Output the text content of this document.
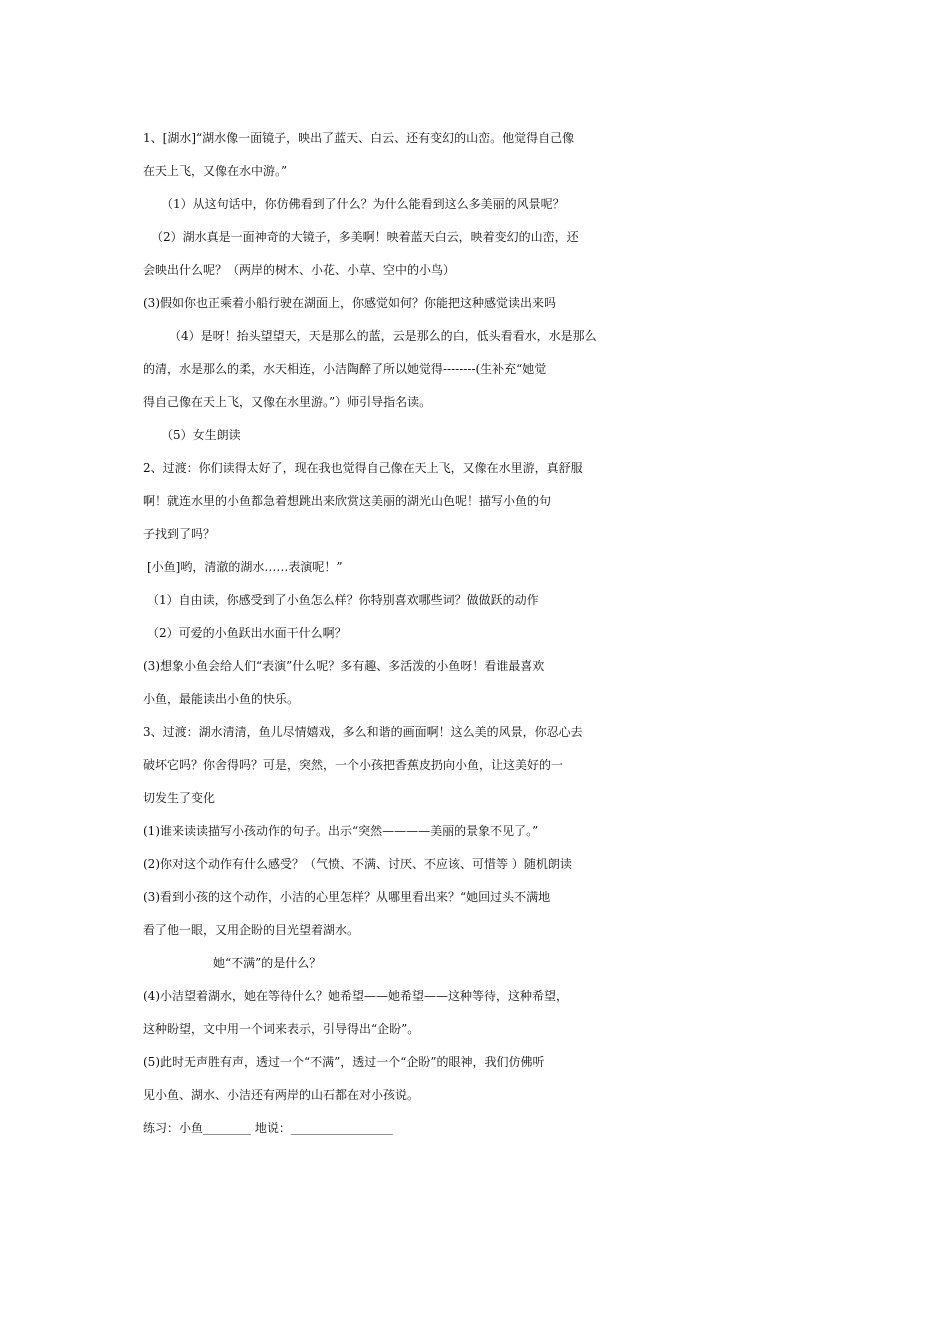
1、[湖水]“湖水像一面镜子，映出了蓝天、白云、还有变幻的山峦。他觉得自己像
在天上飞，又像在水中游。”
（1）从这句话中，你仿佛看到了什么？为什么能看到这么多美丽的风景呢？
（2）湖水真是一面神奇的大镜子，多美啊！映着蓝天白云，映着变幻的山峦，还
会映出什么呢？（两岸的树木、小花、小草、空中的小鸟）
(3)假如你也正乘着小船行驶在湖面上，你感觉如何？你能把这种感觉读出来吗
（4）是呀！抬头望望天，天是那么的蓝，云是那么的白，低头看看水，水是那么
的清，水是那么的柔，水天相连，小洁陶醉了所以她觉得--------(生补充“她觉
得自己像在天上飞，又像在水里游。”）师引导指名读。
（5）女生朗读
2、过渡：你们读得太好了，现在我也觉得自己像在天上飞，又像在水里游，真舒服
啊！就连水里的小鱼都急着想跳出来欣赏这美丽的湖光山色呢！描写小鱼的句
子找到了吗？
[小鱼]哟，清澈的湖水……表演呢！”
（1）自由读，你感受到了小鱼怎么样？你特别喜欢哪些词？做做跃的动作
（2）可爱的小鱼跃出水面干什么啊？
(3)想象小鱼会给人们“表演”什么呢？多有趣、多活泼的小鱼呀！看谁最喜欢
小鱼，最能读出小鱼的快乐。
3、过渡：湖水清清，鱼儿尽情嬉戏，多么和谐的画面啊！这么美的风景，你忍心去
破坏它吗？你舍得吗？可是，突然，一个小孩把香蕉皮扔向小鱼，让这美好的一
切发生了变化
(1)谁来读读描写小孩动作的句子。出示“突然————美丽的景象不见了。”
(2)你对这个动作有什么感受？（气愤、不满、讨厌、不应该、可惜等 ）随机朗读
(3)看到小孩的这个动作，小洁的心里怎样？从哪里看出来？“她回过头不满地
看了他一眼，又用企盼的目光望着湖水。
她“不满”的是什么？
(4)小洁望着湖水，她在等待什么？她希望——她希望——这种等待，这种希望，
这种盼望，文中用一个词来表示，引导得出“企盼”。
(5)此时无声胜有声，透过一个“不满”，透过一个“企盼”的眼神，我们仿佛听
见小鱼、湖水、小洁还有两岸的山石都在对小孩说。
练习：小鱼________ 地说：_________________
